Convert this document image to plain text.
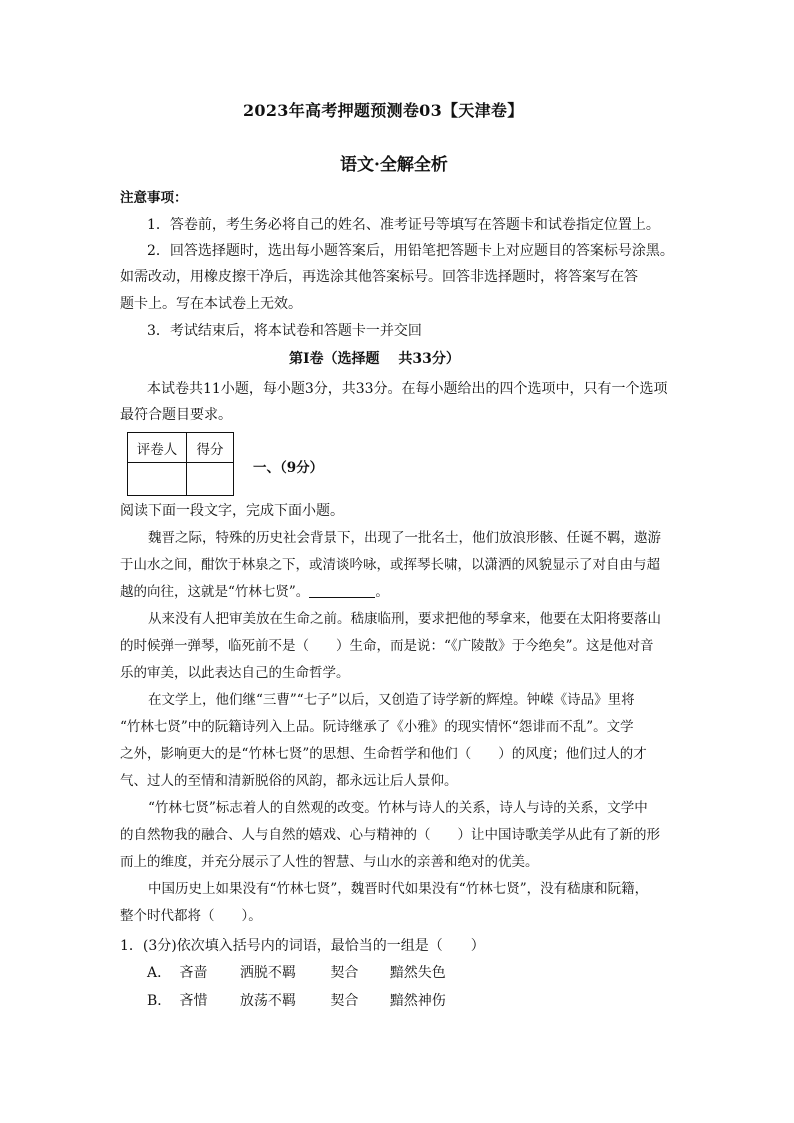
2023年高考押题预测卷03【天津卷】
语文·全解全析
注意事项：
1．答卷前，考生务必将自己的姓名、准考证号等填写在答题卡和试卷指定位置上。
2．回答选择题时，选出每小题答案后，用铅笔把答题卡上对应题目的答案标号涂黑。
如需改动，用橡皮擦干净后，再选涂其他答案标号。回答非选择题时，将答案写在答
题卡上。写在本试卷上无效。
3．考试结束后，将本试卷和答题卡一并交回
第Ⅰ卷（选择题　 共33分）
本试卷共11小题，每小题3分，共33分。在每小题给出的四个选项中，只有一个选项
最符合题目要求。
评卷人	得分

一、（9分）
阅读下面一段文字，完成下面小题。
魏晋之际，特殊的历史社会背景下，出现了一批名士，他们放浪形骸、任诞不羁，遨游
于山水之间，酣饮于林泉之下，或清谈吟咏，或挥琴长啸，以潇洒的风貌显示了对自由与超
越的向往，这就是“竹林七贤”。	。
从来没有人把审美放在生命之前。嵇康临刑，要求把他的琴拿来，他要在太阳将要落山
的时候弹一弹琴，临死前不是（　　）生命，而是说：“《广陵散》于今绝矣”。这是他对音
乐的审美，以此表达自己的生命哲学。
在文学上，他们继“三曹”“七子”以后，又创造了诗学新的辉煌。钟嵘《诗品》里将
“竹林七贤”中的阮籍诗列入上品。阮诗继承了《小雅》的现实情怀“怨诽而不乱”。文学
之外，影响更大的是“竹林七贤”的思想、生命哲学和他们（　　）的风度；他们过人的才
气、过人的至情和清新脱俗的风韵，都永远让后人景仰。
“竹林七贤”标志着人的自然观的改变。竹林与诗人的关系，诗人与诗的关系，文学中
的自然物我的融合、人与自然的嬉戏、心与精神的（　　）让中国诗歌美学从此有了新的形
而上的维度，并充分展示了人性的智慧、与山水的亲善和绝对的优美。
中国历史上如果没有“竹林七贤”，魏晋时代如果没有“竹林七贤”，没有嵇康和阮籍，
整个时代都将（　　）。
1．(3分)依次填入括号内的词语，最恰当的一组是（　　）
A． 吝啬 洒脱不羁 契合 黯然失色
B． 吝惜 放荡不羁 契合 黯然神伤
